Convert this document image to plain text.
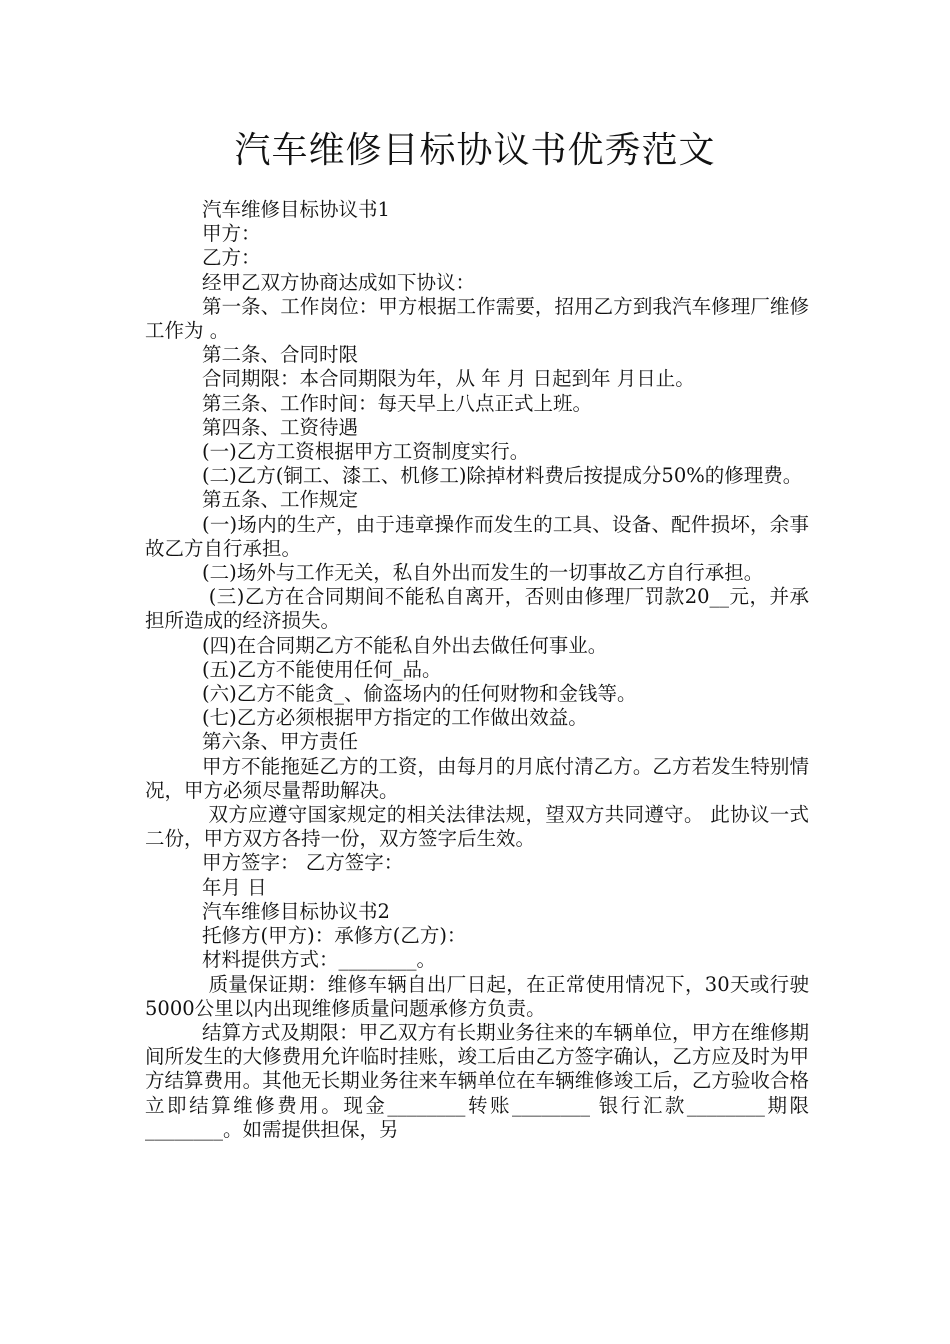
汽车维修目标协议书优秀范文

汽车维修目标协议书1

甲方：

乙方：

经甲乙双方协商达成如下协议：

第一条、工作岗位：甲方根据工作需要，招用乙方到我汽车修理厂维修工作为 。

第二条、合同时限

合同期限：本合同期限为年，从 年 月 日起到年 月日止。

第三条、工作时间：每天早上八点正式上班。

第四条、工资待遇

(一)乙方工资根据甲方工资制度实行。

(二)乙方(铜工、漆工、机修工)除掉材料费后按提成分50%的修理费。

第五条、工作规定

(一)场内的生产，由于违章操作而发生的工具、设备、配件损坏，余事故乙方自行承担。

(二)场外与工作无关，私自外出而发生的一切事故乙方自行承担。

(三)乙方在合同期间不能私自离开，否则由修理厂罚款20__元，并承担所造成的经济损失。

(四)在合同期乙方不能私自外出去做任何事业。

(五)乙方不能使用任何_品。

(六)乙方不能贪_、偷盗场内的任何财物和金钱等。

(七)乙方必须根据甲方指定的工作做出效益。

第六条、甲方责任

甲方不能拖延乙方的工资，由每月的月底付清乙方。乙方若发生特别情况，甲方必须尽量帮助解决。

双方应遵守国家规定的相关法律法规，望双方共同遵守。 此协议一式二份，甲方双方各持一份，双方签字后生效。

甲方签字： 乙方签字：

年月 日

汽车维修目标协议书2

托修方(甲方)：承修方(乙方)：

材料提供方式：________。

质量保证期：维修车辆自出厂日起，在正常使用情况下，30天或行驶5000公里以内出现维修质量问题承修方负责。

结算方式及期限：甲乙双方有长期业务往来的车辆单位，甲方在维修期间所发生的大修费用允许临时挂账，竣工后由乙方签字确认，乙方应及时为甲方结算费用。其他无长期业务往来车辆单位在车辆维修竣工后，乙方验收合格立即结算维修费用。现金________转账________ 银行汇款________期限________。如需提供担保，另
